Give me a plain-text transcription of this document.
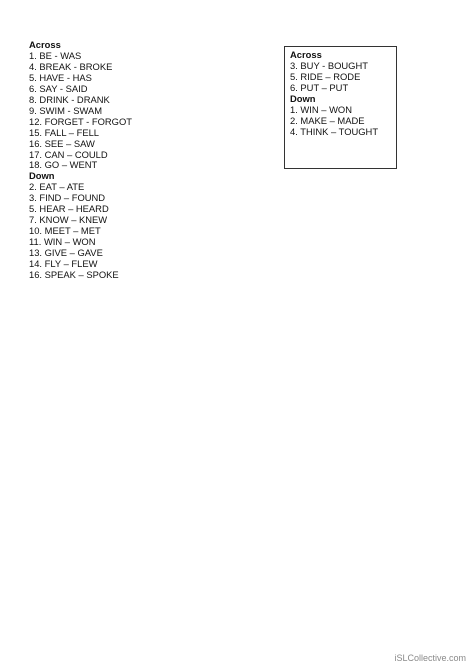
Across
1. BE - WAS
4. BREAK - BROKE
5. HAVE - HAS
6. SAY - SAID
8. DRINK - DRANK
9. SWIM - SWAM
12. FORGET - FORGOT
15. FALL – FELL
16. SEE – SAW
17. CAN – COULD
18. GO – WENT
Down
2. EAT – ATE
3. FIND – FOUND
5. HEAR – HEARD
7. KNOW – KNEW
10. MEET – MET
11. WIN – WON
13. GIVE – GAVE
14. FLY – FLEW
16. SPEAK – SPOKE
Across
3. BUY - BOUGHT
5. RIDE – RODE
6. PUT – PUT
Down
1. WIN – WON
2. MAKE – MADE
4. THINK – TOUGHT
iSLCollective.com
